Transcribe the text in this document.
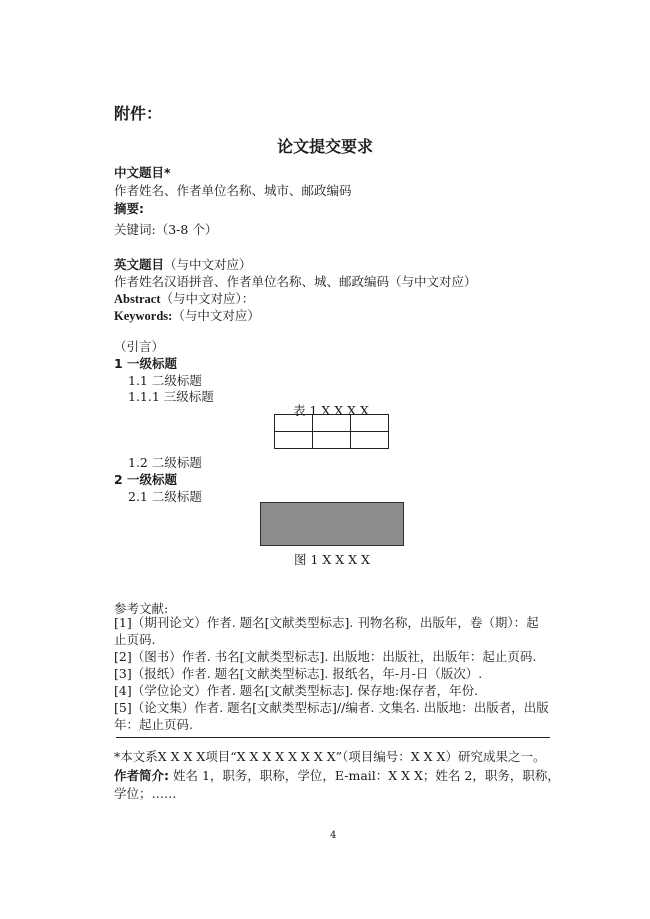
附件：
论文提交要求
中文题目*
作者姓名、作者单位名称、城市、邮政编码
摘要:
关键词:（3-8 个）
英文题目（与中文对应）
作者姓名汉语拼音、作者单位名称、城、邮政编码（与中文对应）
Abstract（与中文对应）：
Keywords:（与中文对应）
（引言）
1 一级标题
1.1 二级标题
1.1.1 三级标题
表 1 X X X X

1.2 二级标题
2 一级标题
2.1 二级标题
图 1 X X X X
参考文献:
[1]（期刊论文）作者. 题名[文献类型标志]. 刊物名称，出版年，卷（期）：起
止页码.
[2]（图书）作者. 书名[文献类型标志]. 出版地：出版社，出版年：起止页码.
[3]（报纸）作者. 题名[文献类型标志]. 报纸名，年-月-日（版次）.
[4]（学位论文）作者. 题名[文献类型标志]. 保存地:保存者，年份.
[5]（论文集）作者. 题名[文献类型标志]//编者. 文集名. 出版地：出版者，出版
年：起止页码.
*本文系X X X X项目“X X X X X X X X”（项目编号：X X X）研究成果之一。
作者简介: 姓名 1，职务，职称，学位，E-mail：X X X；姓名 2，职务，职称，
学位；……
4
